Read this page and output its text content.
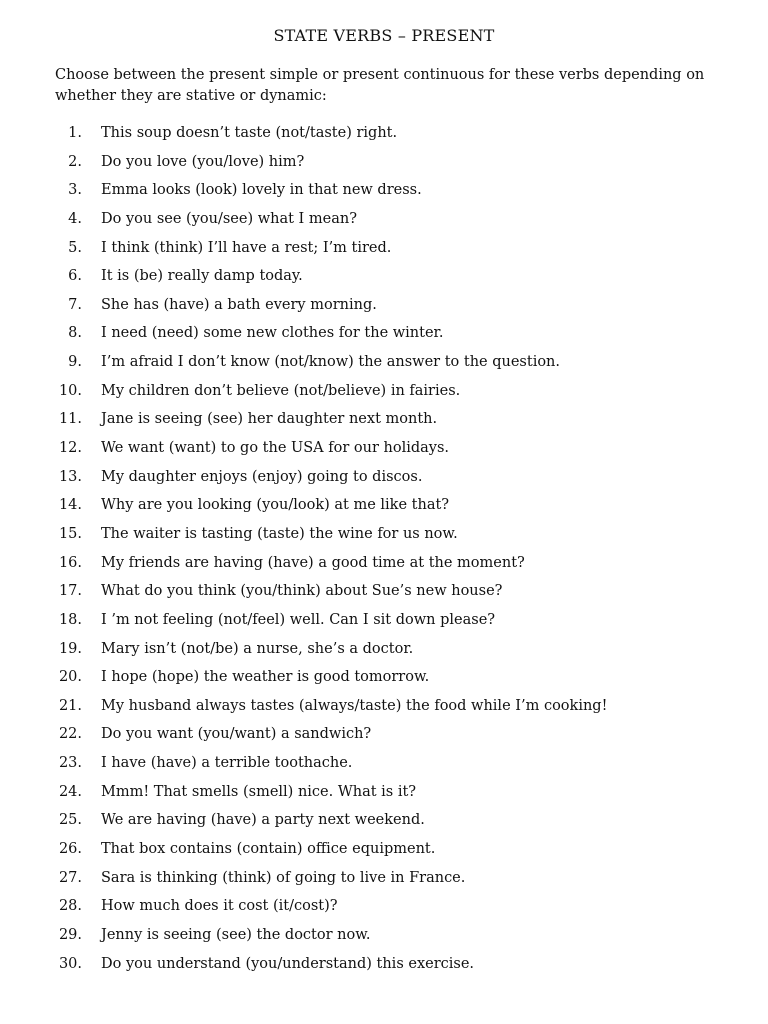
STATE VERBS – PRESENT
Choose between the present simple or present continuous for these verbs depending on whether they are stative or dynamic:
1. This soup doesn’t taste (not/taste) right.
2. Do you love (you/love) him?
3. Emma looks (look) lovely in that new dress.
4. Do you see (you/see) what I mean?
5. I think (think) I’ll have a rest; I’m tired.
6. It is (be) really damp today.
7. She has (have) a bath every morning.
8. I need (need) some new clothes for the winter.
9. I’m afraid I don’t know (not/know) the answer to the question.
10. My children don’t believe (not/believe) in fairies.
11. Jane is seeing (see) her daughter next month.
12. We want (want) to go the USA for our holidays.
13. My daughter enjoys (enjoy) going to discos.
14. Why are you looking (you/look) at me like that?
15. The waiter is tasting (taste) the wine for us now.
16. My friends are having (have) a good time at the moment?
17. What do you think (you/think) about Sue’s new house?
18. I ’m not feeling (not/feel) well. Can I sit down please?
19. Mary isn’t (not/be) a nurse, she’s a doctor.
20. I hope (hope) the weather is good tomorrow.
21. My husband always tastes (always/taste) the food while I’m cooking!
22. Do you want (you/want) a sandwich?
23. I have (have) a terrible toothache.
24. Mmm! That smells (smell) nice. What is it?
25. We are having (have) a party next weekend.
26. That box contains (contain) office equipment.
27. Sara is thinking (think) of going to live in France.
28. How much does it cost (it/cost)?
29. Jenny is seeing (see) the doctor now.
30. Do you understand (you/understand) this exercise.
